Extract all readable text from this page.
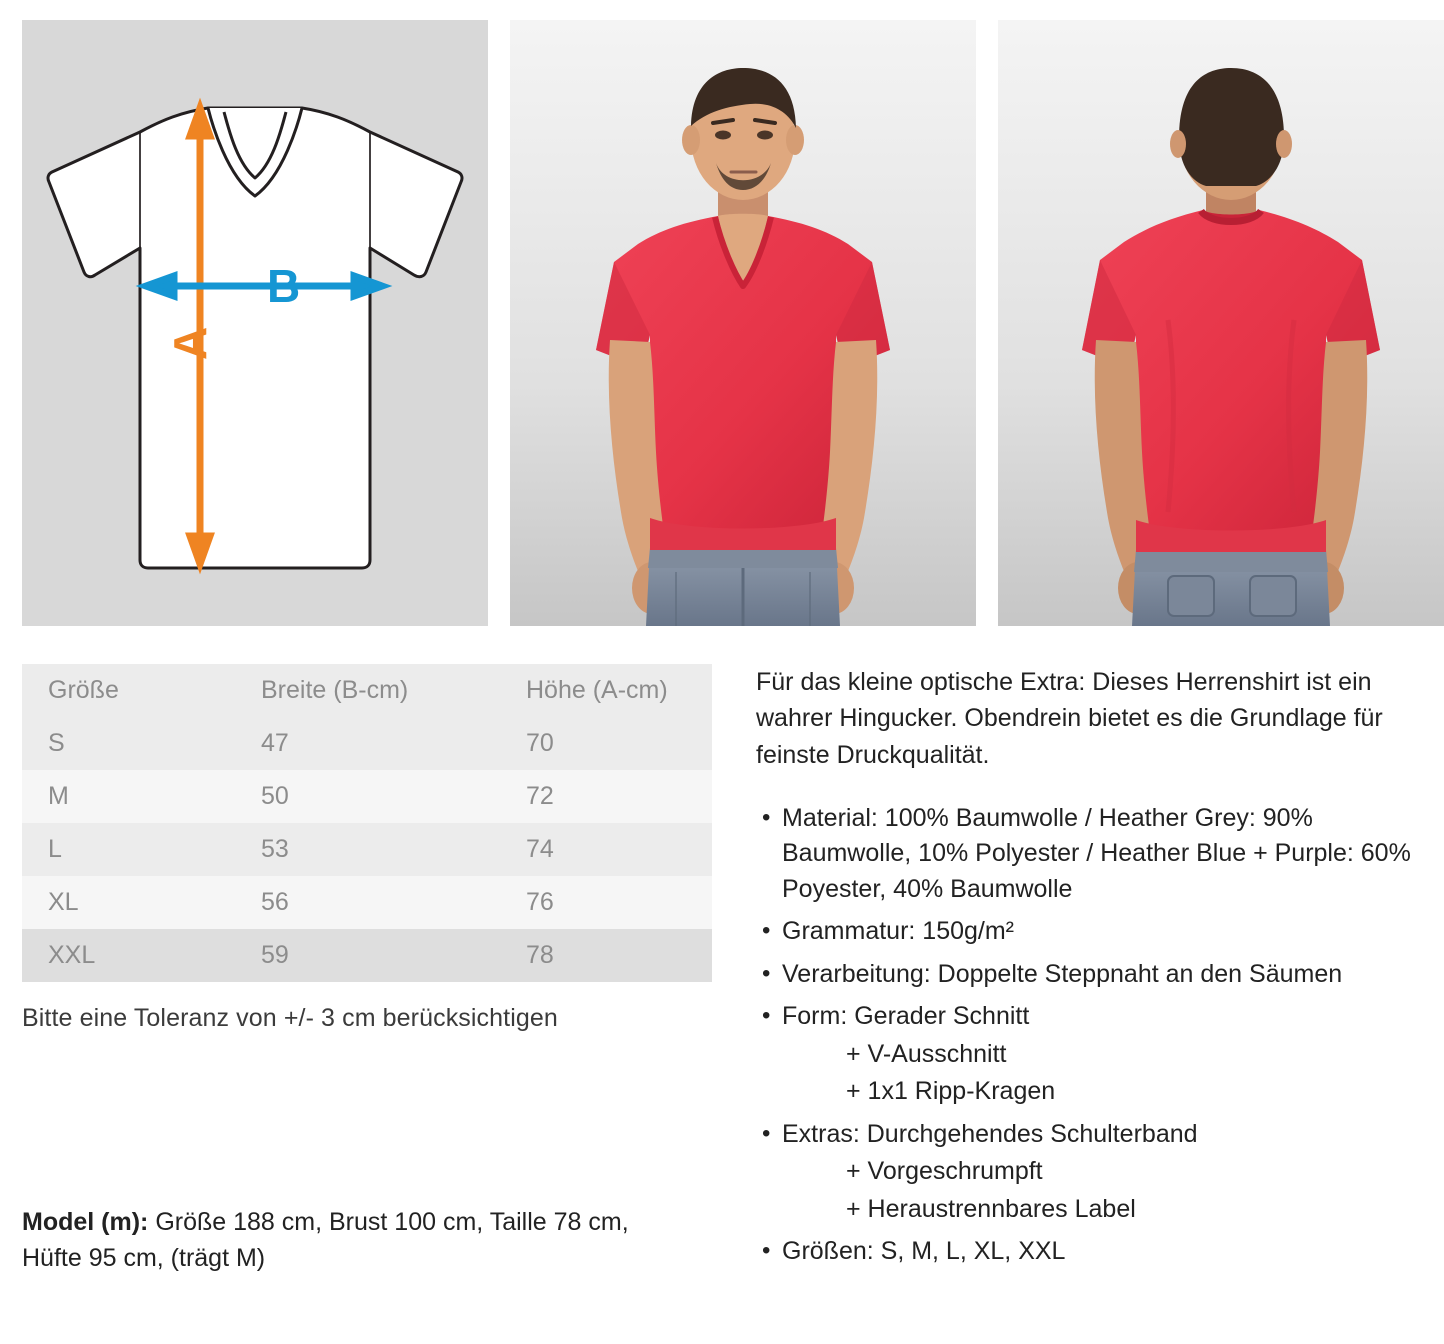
B
A
Größe	Breite (B-cm)	Höhe (A-cm)
S	47	70
M	50	72
L	53	74
XL	56	76
XXL	59	78
Bitte eine Toleranz von +/- 3 cm berücksichtigen
Model (m): Größe 188 cm, Brust 100 cm, Taille 78 cm,
Hüfte 95 cm, (trägt M)

Für das kleine optische Extra: Dieses Herrenshirt ist ein wahrer Hingucker. Obendrein bietet es die Grundlage für feinste Druckqualität.

• Material: 100% Baumwolle / Heather Grey: 90% Baumwolle, 10% Polyester / Heather Blue + Purple: 60% Poyester, 40% Baumwolle
• Grammatur: 150g/m²
• Verarbeitung: Doppelte Steppnaht an den Säumen
• Form: Gerader Schnitt
+ V-Ausschnitt
+ 1x1 Ripp-Kragen
• Extras: Durchgehendes Schulterband
+ Vorgeschrumpft
+ Heraustrennbares Label
• Größen: S, M, L, XL, XXL
